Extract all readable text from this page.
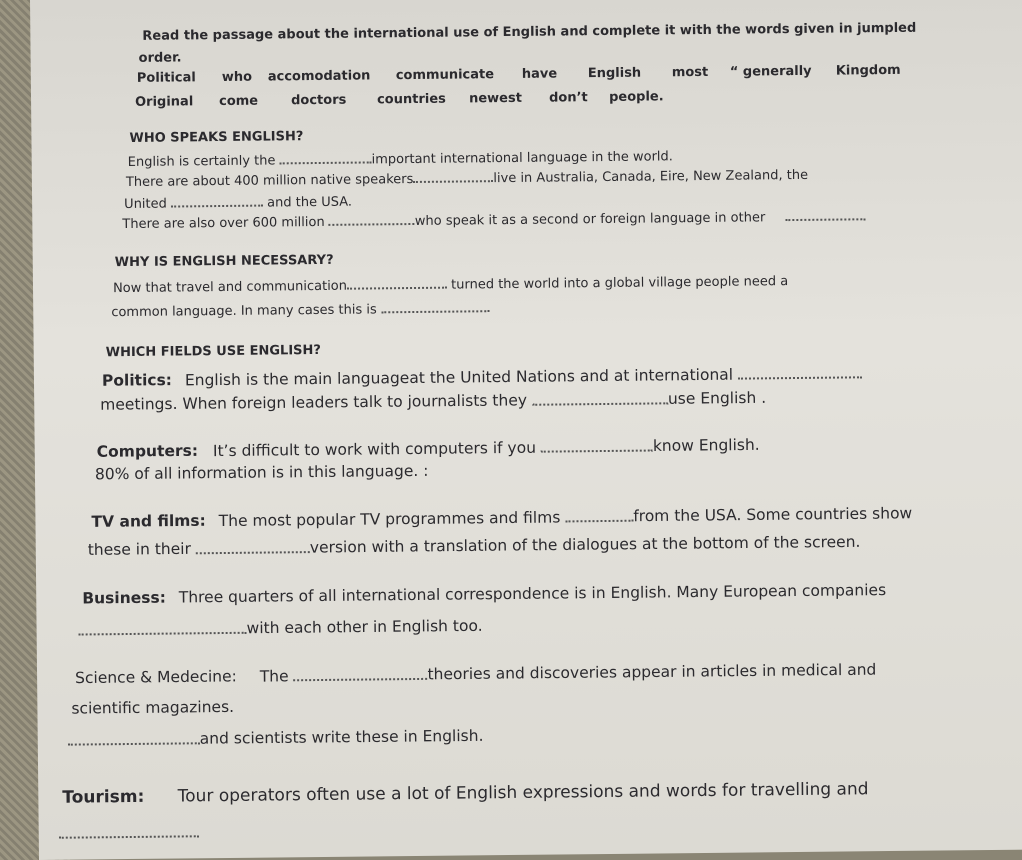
Read the passage about the international use of English and complete it with the words given in jumpled
order.
Political who accomodation communicate have English most “ generally Kingdom
Original come	doctors countries newest don’t people.
WHO SPEAKS ENGLISH?
English is certainly the	important international language in the world.
There are about 400 million native speakers	live in Australia, Canada, Eire, New Zealand, the
United	and the USA.
There are also over 600 million	who speak it as a second or foreign language in other
WHY IS ENGLISH NECESSARY?
Now that travel and communication	turned the world into a global village people need a
common language. In many cases this is
WHICH FIELDS USE ENGLISH?
Politics: English is the main languageat the United Nations and at international
meetings. When foreign leaders talk to journalists they	use English .
Computers: It’s difficult to work with computers if you	know English.
80% of all information is in this language. :
TV and films: The most popular TV programmes and films	from the USA. Some countries show
these in their	version with a translation of the dialogues at the bottom of the screen.
Business: Three quarters of all international correspondence is in English. Many European companies
with each other in English too.
Science & Medecine: The	theories and discoveries appear in articles in medical and
scientific magazines.
and scientists write these in English.
Tourism: Tour operators often use a lot of English expressions and words for travelling and
